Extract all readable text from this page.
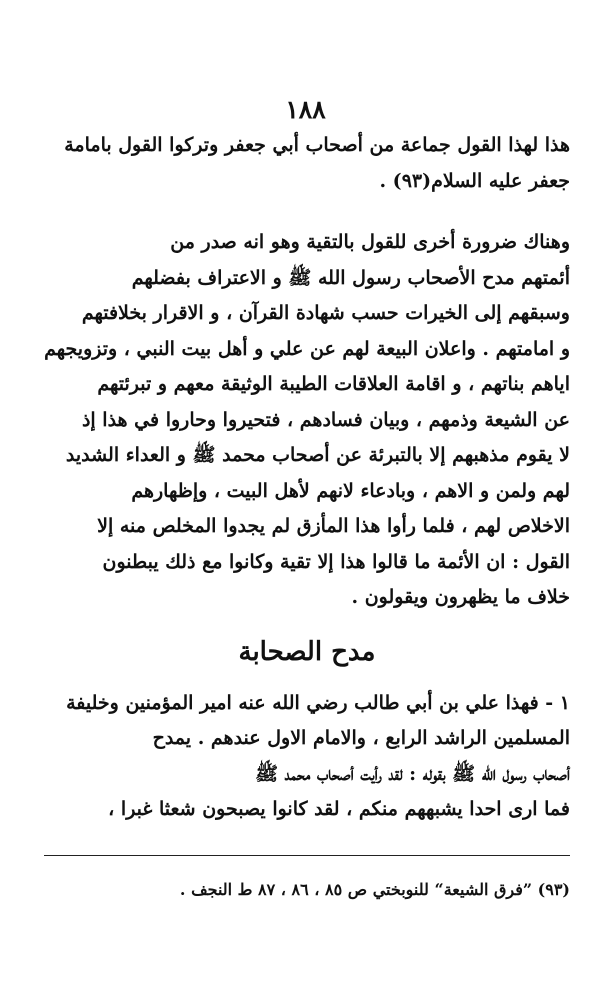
١٨٨

هذا لهذا القول جماعة من أصحاب أبي جعفر وتركوا القول بامامة
جعفر عليه السلام(٩٣) .

وهناك ضرورة أخرى للقول بالتقية وهو انه صدر من
أئمتهم مدح الأصحاب رسول الله ﷺ و الاعتراف بفضلهم
وسبقهم إلى الخيرات حسب شهادة القرآن ، و الاقرار بخلافتهم
و امامتهم . واعلان البيعة لهم عن علي و أهل بيت النبي ، وتزويجهم
اياهم بناتهم ، و اقامة العلاقات الطيبة الوثيقة معهم و تبرئتهم
عن الشيعة وذمهم ، وبيان فسادهم ، فتحيروا وحاروا في هذا إذ
لا يقوم مذهبهم إلا بالتبرئة عن أصحاب محمد ﷺ و العداء الشديد
لهم ولمن و الاهم ، وبادعاء لانهم لأهل البيت ، وإظهارهم
الاخلاص لهم ، فلما رأوا هذا المأزق لم يجدوا المخلص منه إلا
القول : ان الأئمة ما قالوا هذا إلا تقية وكانوا مع ذلك يبطنون
خلاف ما يظهرون ويقولون .

مدح الصحابة

١ - فهذا علي بن أبي طالب رضي الله عنه امير المؤمنين وخليفة
المسلمين الراشد الرابع ، والامام الاول عندهم . يمدح
أصحاب رسول الله ﷺ بقوله : لقد رأيت أصحاب محمد ﷺ
فما ارى احدا يشبههم منكم ، لقد كانوا يصبحون شعثا غبرا ،

(٩٣) ”فرق الشيعة“ للنوبختي ص ٨٥ ، ٨٦ ، ٨٧ ط النجف .
